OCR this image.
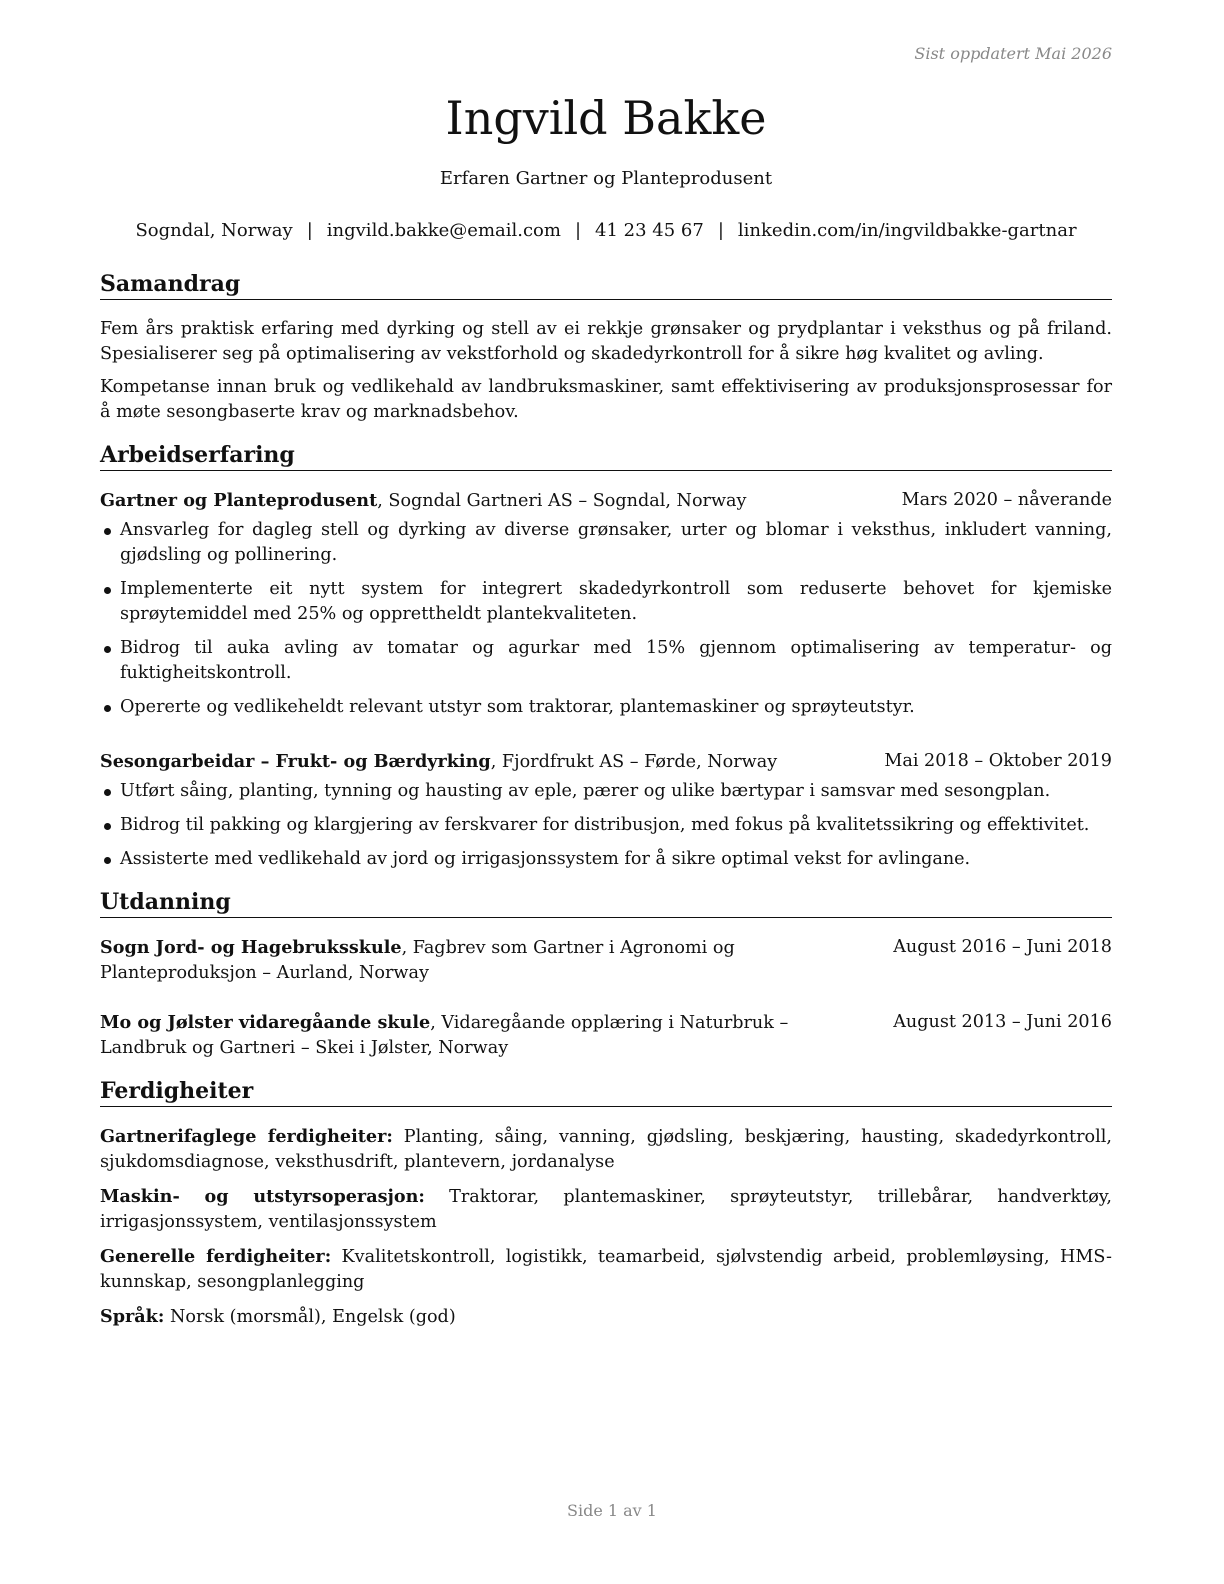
Sist oppdatert Mai 2026
Ingvild Bakke
Erfaren Gartner og Planteprodusent
Sogndal, Norway | ingvild.bakke@email.com | 41 23 45 67 | linkedin.com/in/ingvildbakke-gartnar
Samandrag

Fem års praktisk erfaring med dyrking og stell av ei rekkje grønsaker og prydplantar i veksthus og på friland. Spesialiserer seg på optimalisering av vekstforhold og skadedyrkontroll for å sikre høg kvalitet og avling.

Kompetanse innan bruk og vedlikehald av landbruksmaskiner, samt effektivisering av produksjonsprosessar for å møte sesongbaserte krav og marknadsbehov.

Arbeidserfaring
Gartner og Planteprodusent, Sogndal Gartneri AS – Sogndal, Norway	Mars 2020 – nåverande
Ansvarleg for dagleg stell og dyrking av diverse grønsaker, urter og blomar i veksthus, inkludert vanning, gjødsling og pollinering.
Implementerte eit nytt system for integrert skadedyrkontroll som reduserte behovet for kjemiske sprøytemiddel med 25% og opprettheldt plantekvaliteten.
Bidrog til auka avling av tomatar og agurkar med 15% gjennom optimalisering av temperatur- og fuktigheitskontroll.
Opererte og vedlikeheldt relevant utstyr som traktorar, plantemaskiner og sprøyteutstyr.
Sesongarbeidar – Frukt- og Bærdyrking, Fjordfrukt AS – Førde, Norway	Mai 2018 – Oktober 2019
Utført såing, planting, tynning og hausting av eple, pærer og ulike bærtypar i samsvar med sesongplan.
Bidrog til pakking og klargjering av ferskvarer for distribusjon, med fokus på kvalitetssikring og effektivitet.
Assisterte med vedlikehald av jord og irrigasjonssystem for å sikre optimal vekst for avlingane.
Utdanning
Sogn Jord- og Hagebruksskule, Fagbrev som Gartner i Agronomi og Planteproduksjon – Aurland, Norway
August 2016 – Juni 2018
Mo og Jølster vidaregåande skule, Vidaregåande opplæring i Naturbruk – Landbruk og Gartneri – Skei i Jølster, Norway
August 2013 – Juni 2016
Ferdigheiter

Gartnerifaglege ferdigheiter: Planting, såing, vanning, gjødsling, beskjæring, hausting, skadedyrkontroll, sjukdomsdiagnose, veksthusdrift, plantevern, jordanalyse

Maskin- og utstyrsoperasjon: Traktorar, plantemaskiner, sprøyteutstyr, trillebårar, handverktøy, irrigasjonssystem, ventilasjonssystem

Generelle ferdigheiter: Kvalitetskontroll, logistikk, teamarbeid, sjølvstendig arbeid, problemløysing, HMS-kunnskap, sesongplanlegging

Språk: Norsk (morsmål), Engelsk (god)

Side 1 av 1
